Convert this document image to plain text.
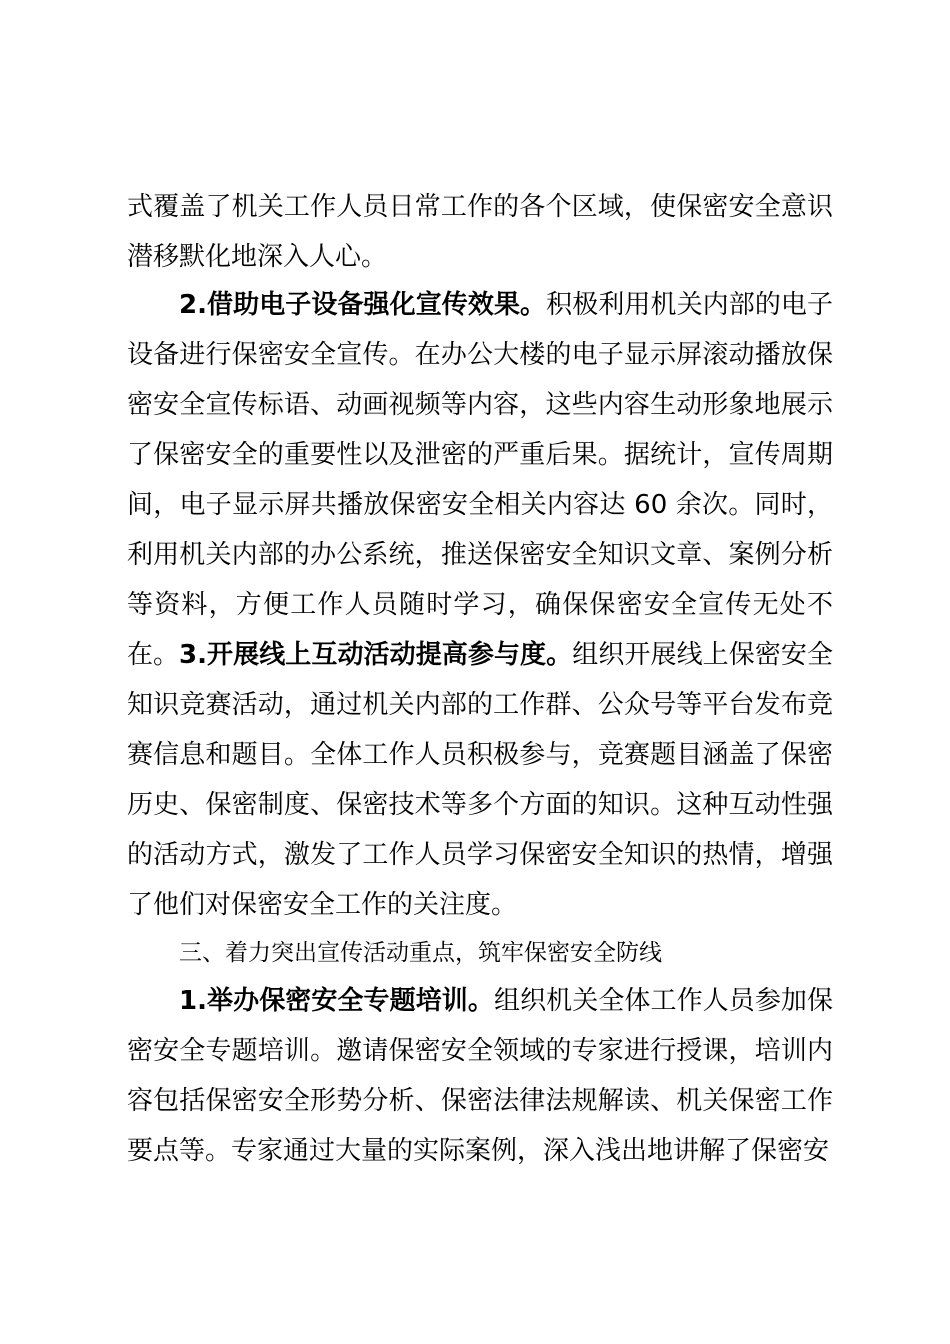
式覆盖了机关工作人员日常工作的各个区域，使保密安全意识潜移默化地深入人心。

2.借助电子设备强化宣传效果。积极利用机关内部的电子设备进行保密安全宣传。在办公大楼的电子显示屏滚动播放保密安全宣传标语、动画视频等内容，这些内容生动形象地展示了保密安全的重要性以及泄密的严重后果。据统计，宣传周期间，电子显示屏共播放保密安全相关内容达 60 余次。同时，利用机关内部的办公系统，推送保密安全知识文章、案例分析等资料，方便工作人员随时学习，确保保密安全宣传无处不在。 3.开展线上互动活动提高参与度。组织开展线上保密安全知识竞赛活动，通过机关内部的工作群、公众号等平台发布竞赛信息和题目。全体工作人员积极参与，竞赛题目涵盖了保密历史、保密制度、保密技术等多个方面的知识。这种互动性强的活动方式，激发了工作人员学习保密安全知识的热情，增强了他们对保密安全工作的关注度。

三、着力突出宣传活动重点，筑牢保密安全防线

1.举办保密安全专题培训。组织机关全体工作人员参加保密安全专题培训。邀请保密安全领域的专家进行授课，培训内容包括保密安全形势分析、保密法律法规解读、机关保密工作要点等。专家通过大量的实际案例，深入浅出地讲解了保密安
